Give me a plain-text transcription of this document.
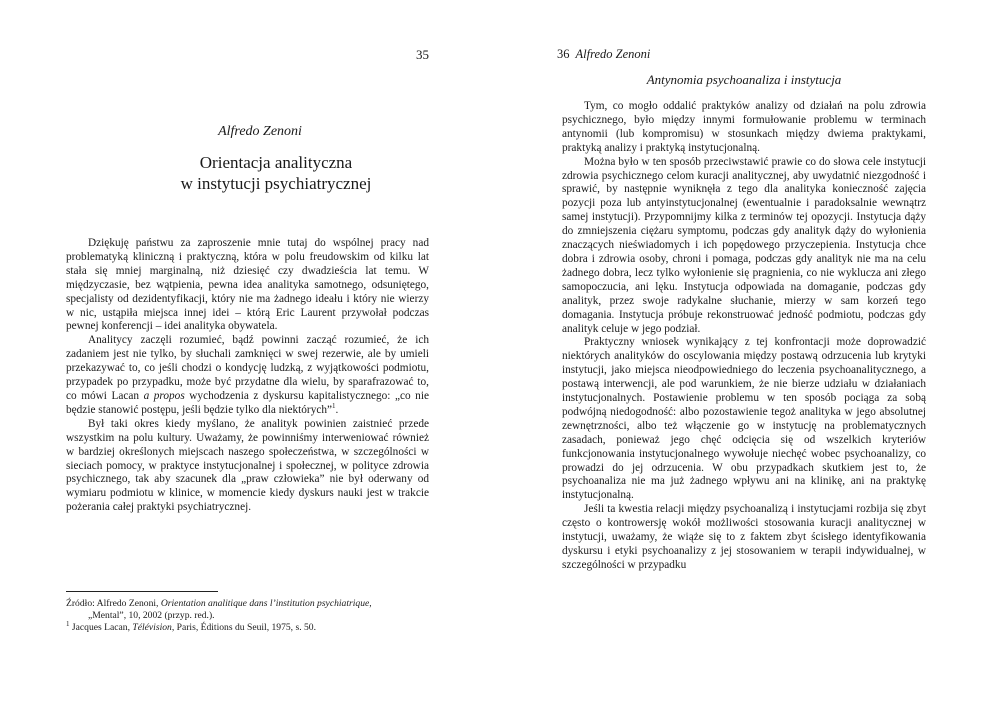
35
Alfredo Zenoni
Orientacja analityczna
w instytucji psychiatrycznej

Dziękuję państwu za zaproszenie mnie tutaj do wspólnej pracy nad problematyką kliniczną i praktyczną, która w polu freudowskim od kilku lat stała się mniej marginalną, niż dziesięć czy dwadzieścia lat temu. W międzyczasie, bez wątpienia, pewna idea analityka samotnego, odsuniętego, specjalisty od dezidentyfikacji, który nie ma żadnego ideału i który nie wierzy w nic, ustąpiła miejsca innej idei – którą Eric Laurent przywołał podczas pewnej konferencji – idei analityka obywatela.

Analitycy zaczęli rozumieć, bądź powinni zacząć rozumieć, że ich zadaniem jest nie tylko, by słuchali zamknięci w swej rezerwie, ale by umieli przekazywać to, co jeśli chodzi o kondycję ludzką, z wyjątkowości podmiotu, przypadek po przypadku, może być przydatne dla wielu, by sparafrazować to, co mówi Lacan a propos wychodzenia z dyskursu kapitalistycznego: „co nie będzie stanowić postępu, jeśli będzie tylko dla niektórych”$^1$.

Był taki okres kiedy myślano, że analityk powinien zaistnieć przede wszystkim na polu kultury. Uważamy, że powinniśmy interweniować również w bardziej określonych miejscach naszego społeczeństwa, w szczególności w sieciach pomocy, w praktyce instytucjonalnej i społecznej, w polityce zdrowia psychicznego, tak aby szacunek dla „praw człowieka” nie był oderwany od wymiaru podmiotu w klinice, w momencie kiedy dyskurs nauki jest w trakcie pożerania całej praktyki psychiatrycznej.

Źródło: Alfredo Zenoni, Orientation analitique dans l’institution psychiatrique,

„Mental”, 10, 2002 (przyp. red.).

$^1$ Jacques Lacan, Télévision, Paris, Éditions du Seuil, 1975, s. 50.

36 Alfredo Zenoni
Antynomia psychoanaliza i instytucja

Tym, co mogło oddalić praktyków analizy od działań na polu zdrowia psychicznego, było między innymi formułowanie problemu w terminach antynomii (lub kompromisu) w stosunkach między dwiema praktykami, praktyką analizy i praktyką instytucjonalną.

Można było w ten sposób przeciwstawić prawie co do słowa cele instytucji zdrowia psychicznego celom kuracji analitycznej, aby uwydatnić niezgodność i sprawić, by następnie wyniknęła z tego dla analityka konieczność zajęcia pozycji poza lub antyinstytucjonalnej (ewentualnie i paradoksalnie wewnątrz samej instytucji). Przypomnijmy kilka z terminów tej opozycji. Instytucja dąży do zmniejszenia ciężaru symptomu, podczas gdy analityk dąży do wyłonienia znaczących nieświadomych i ich popędowego przyczepienia. Instytucja chce dobra i zdrowia osoby, chroni i pomaga, podczas gdy analityk nie ma na celu żadnego dobra, lecz tylko wyłonienie się pragnienia, co nie wyklucza ani złego samopoczucia, ani lęku. Instytucja odpowiada na domaganie, podczas gdy analityk, przez swoje radykalne słuchanie, mierzy w sam korzeń tego domagania. Instytucja próbuje rekonstruować jedność podmiotu, podczas gdy analityk celuje w jego podział.

Praktyczny wniosek wynikający z tej konfrontacji może doprowadzić niektórych analityków do oscylowania między postawą odrzucenia lub krytyki instytucji, jako miejsca nieodpowiedniego do leczenia psychoanalitycznego, a postawą interwencji, ale pod warunkiem, że nie bierze udziału w działaniach instytucjonalnych. Postawienie problemu w ten sposób pociąga za sobą podwójną niedogodność: albo pozostawienie tegoż analityka w jego absolutnej zewnętrzności, albo też włączenie go w instytucję na problematycznych zasadach, ponieważ jego chęć odcięcia się od wszelkich kryteriów funkcjonowania instytucjonalnego wywołuje niechęć wobec psychoanalizy, co prowadzi do jej odrzucenia. W obu przypadkach skutkiem jest to, że psychoanaliza nie ma już żadnego wpływu ani na klinikę, ani na praktykę instytucjonalną.

Jeśli ta kwestia relacji między psychoanalizą i instytucjami rozbija się zbyt często o kontrowersję wokół możliwości stosowania kuracji analitycznej w instytucji, uważamy, że wiąże się to z faktem zbyt ścisłego identyfikowania dyskursu i etyki psychoanalizy z jej stosowaniem w terapii indywidualnej, w szczególności w przypadku
